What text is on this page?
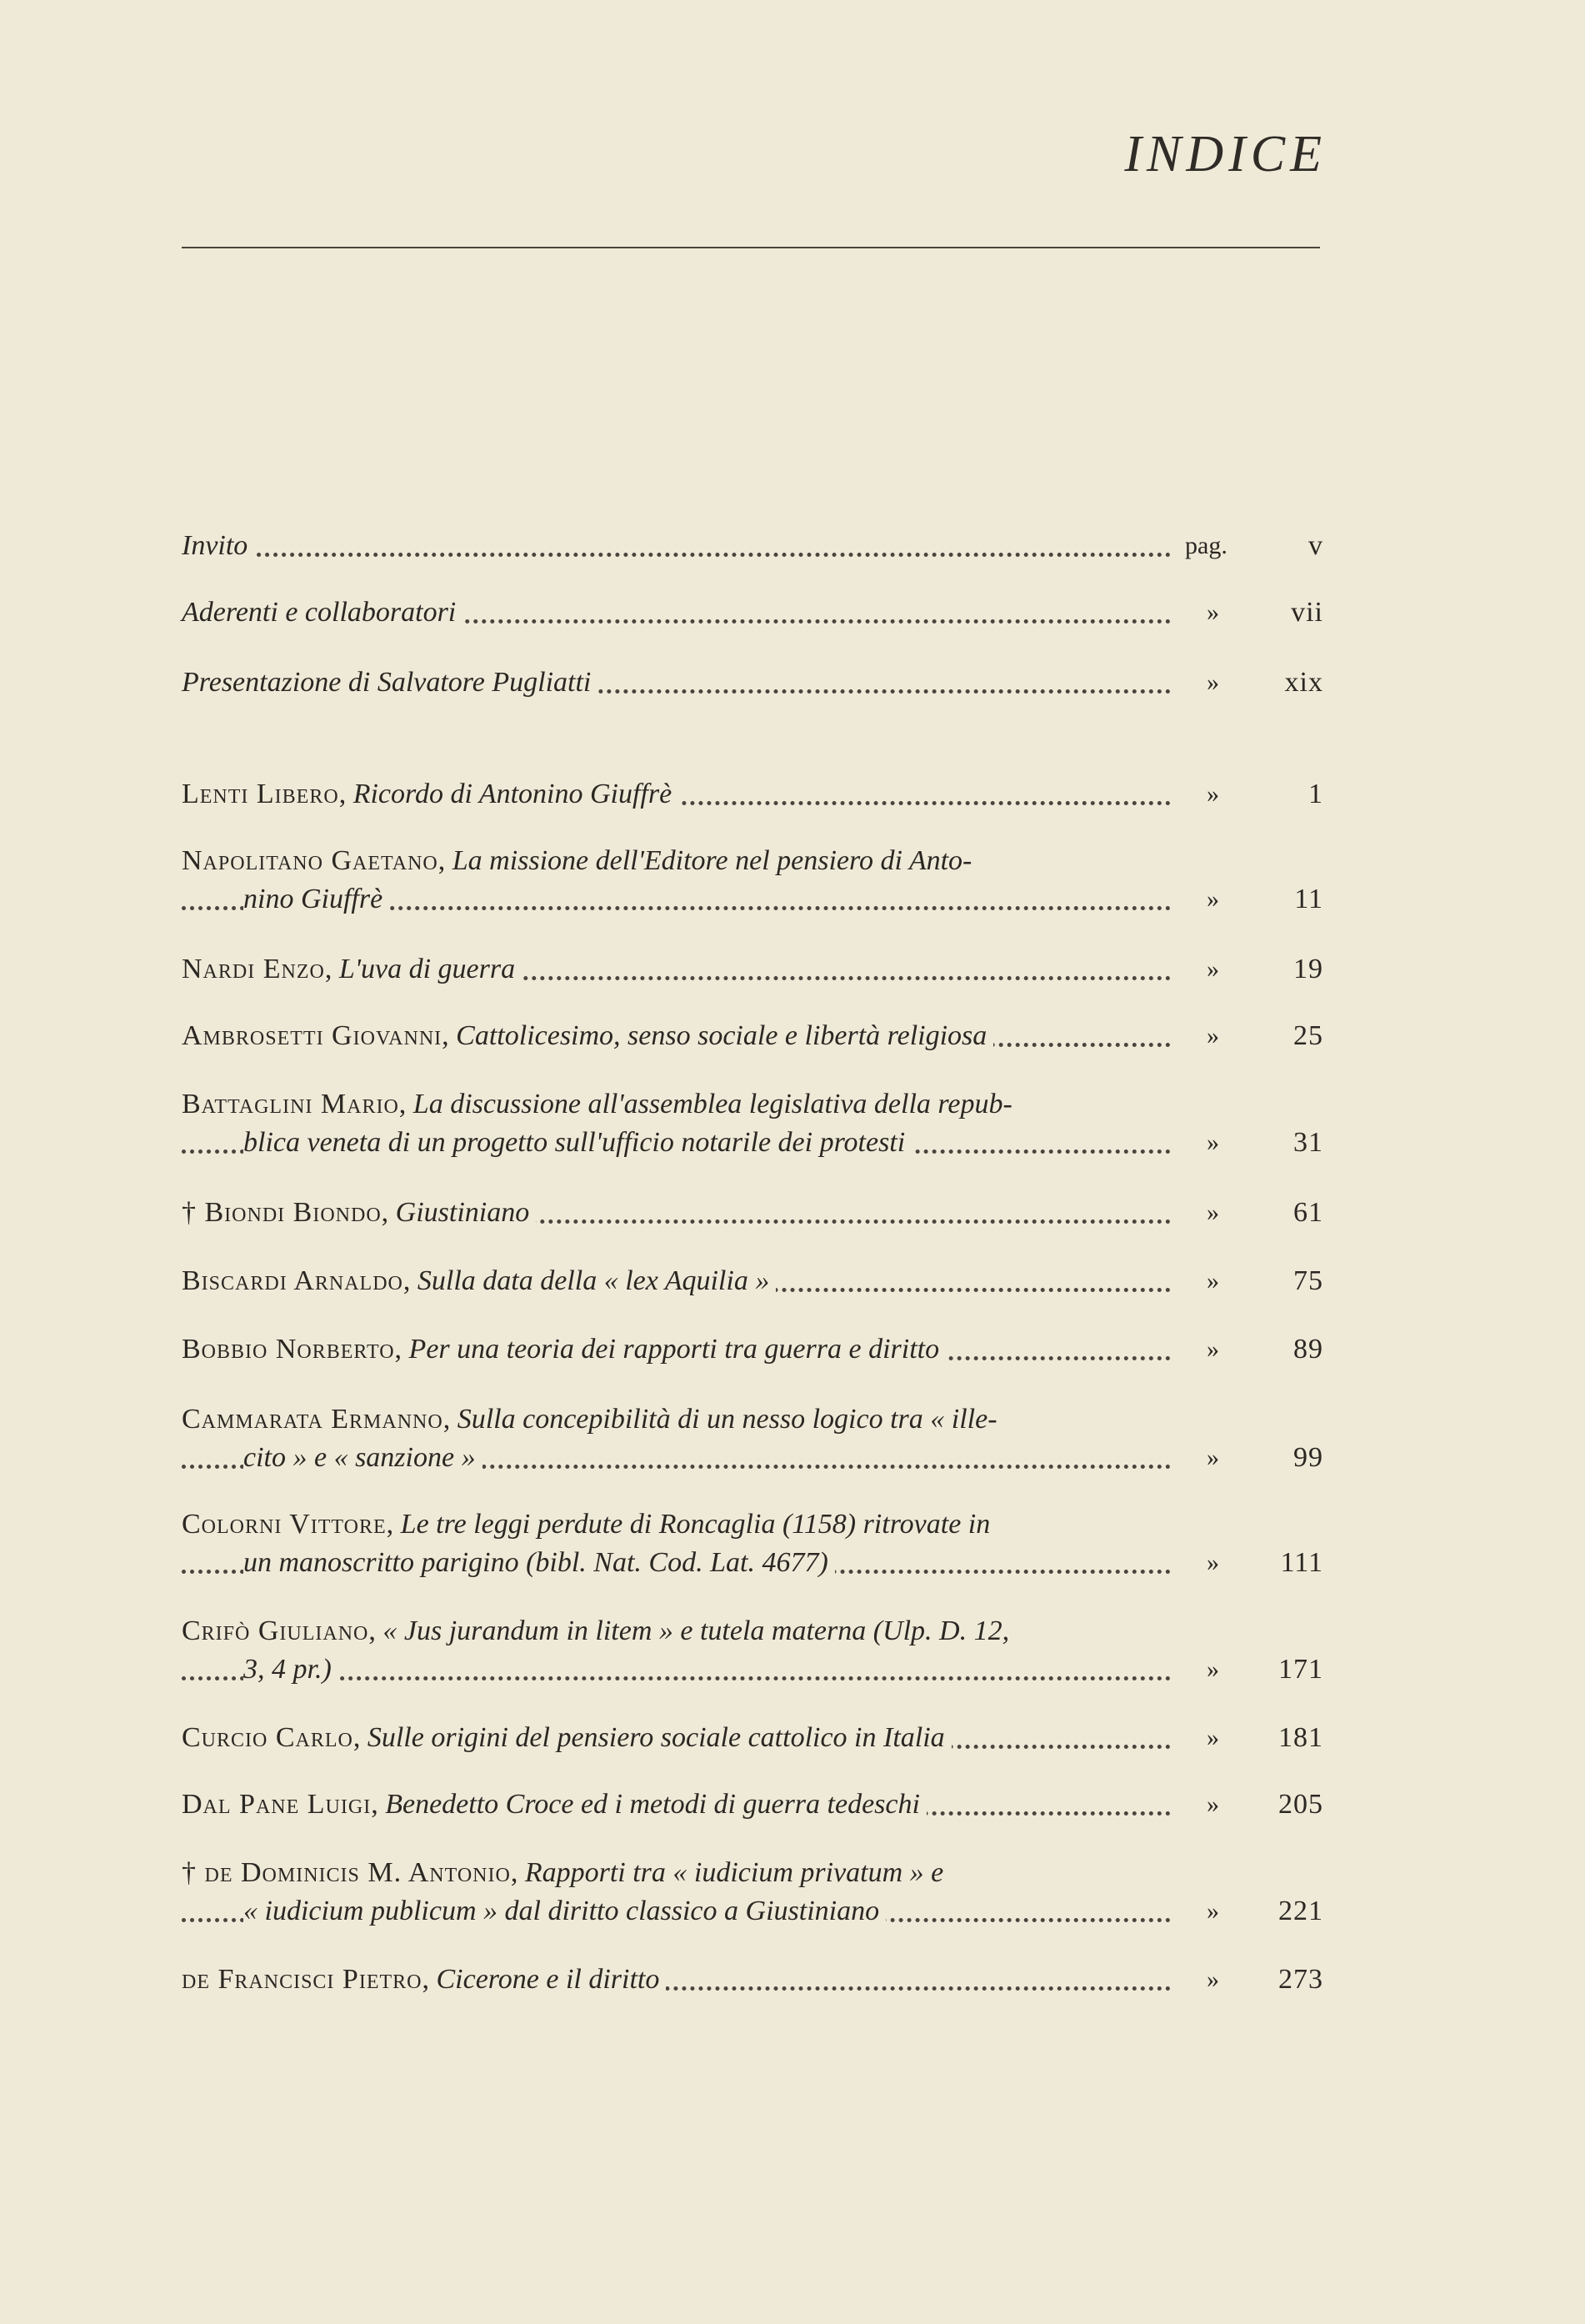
INDICE
Invito	pag.	v
Aderenti e collaboratori	»	vii
Presentazione di Salvatore Pugliatti	»	xix
Lenti Libero, Ricordo di Antonino Giuffrè	»	1
Napolitano Gaetano, La missione dell'Editore nel pensiero di Anto-
nino Giuffrè	»	11
Nardi Enzo, L'uva di guerra	»	19
Ambrosetti Giovanni, Cattolicesimo, senso sociale e libertà religiosa	»	25
Battaglini Mario, La discussione all'assemblea legislativa della repub-
blica veneta di un progetto sull'ufficio notarile dei protesti	»	31
† Biondi Biondo, Giustiniano	»	61
Biscardi Arnaldo, Sulla data della « lex Aquilia »	»	75
Bobbio Norberto, Per una teoria dei rapporti tra guerra e diritto	»	89
Cammarata Ermanno, Sulla concepibilità di un nesso logico tra « ille-
cito » e « sanzione »	»	99
Colorni Vittore, Le tre leggi perdute di Roncaglia (1158) ritrovate in
un manoscritto parigino (bibl. Nat. Cod. Lat. 4677)	»	111
Crifò Giuliano, « Jus jurandum in litem » e tutela materna (Ulp. D. 12,
3, 4 pr.)	»	171
Curcio Carlo, Sulle origini del pensiero sociale cattolico in Italia	»	181
Dal Pane Luigi, Benedetto Croce ed i metodi di guerra tedeschi	»	205
† de Dominicis M. Antonio, Rapporti tra « iudicium privatum » e
« iudicium publicum » dal diritto classico a Giustiniano	»	221
de Francisci Pietro, Cicerone e il diritto	»	273
